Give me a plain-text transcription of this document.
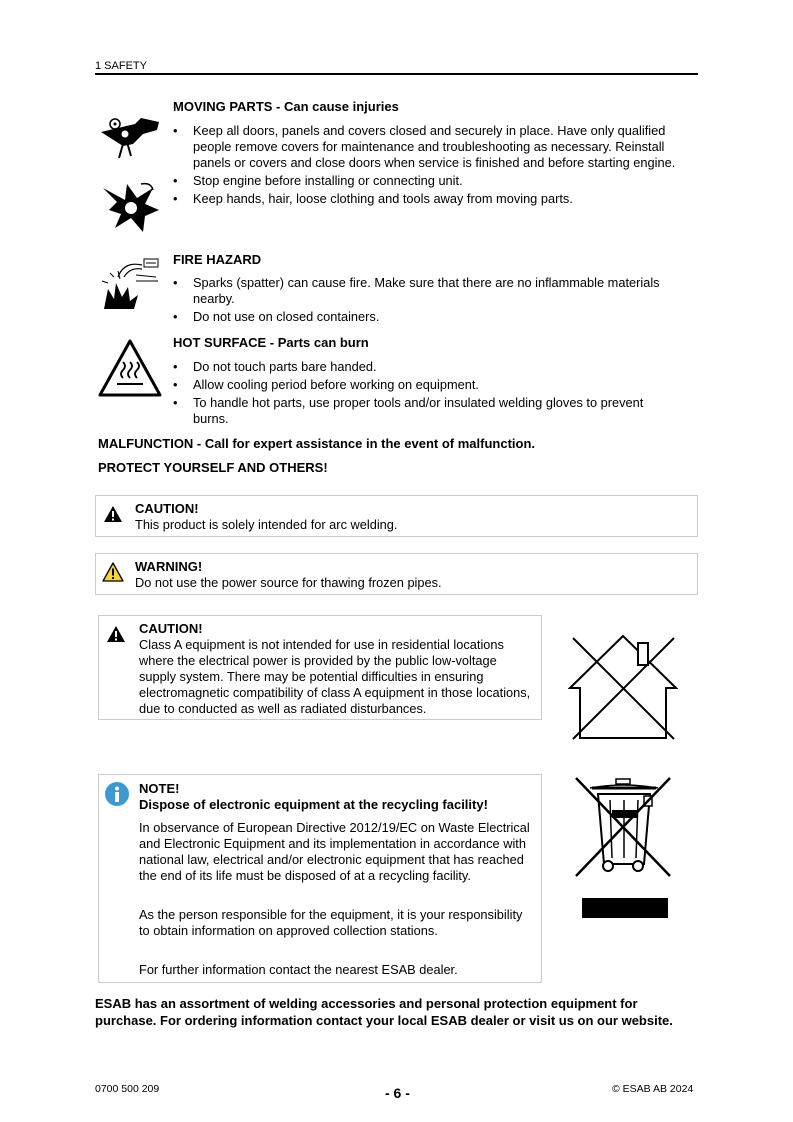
1 SAFETY
MOVING PARTS - Can cause injuries
• Keep all doors, panels and covers closed and securely in place. Have only qualified people remove covers for maintenance and troubleshooting as necessary. Reinstall panels or covers and close doors when service is finished and before starting engine.
• Stop engine before installing or connecting unit.
• Keep hands, hair, loose clothing and tools away from moving parts.
FIRE HAZARD
• Sparks (spatter) can cause fire. Make sure that there are no inflammable materials nearby.
• Do not use on closed containers.
HOT SURFACE - Parts can burn
• Do not touch parts bare handed.
• Allow cooling period before working on equipment.
• To handle hot parts, use proper tools and/or insulated welding gloves to prevent burns.
MALFUNCTION - Call for expert assistance in the event of malfunction.
PROTECT YOURSELF AND OTHERS!
CAUTION!
This product is solely intended for arc welding.
WARNING!
Do not use the power source for thawing frozen pipes.
CAUTION!
Class A equipment is not intended for use in residential locations where the electrical power is provided by the public low-voltage supply system. There may be potential difficulties in ensuring electromagnetic compatibility of class A equipment in those locations, due to conducted as well as radiated disturbances.
NOTE!
Dispose of electronic equipment at the recycling facility!
In observance of European Directive 2012/19/EC on Waste Electrical and Electronic Equipment and its implementation in accordance with national law, electrical and/or electronic equipment that has reached the end of its life must be disposed of at a recycling facility.
As the person responsible for the equipment, it is your responsibility to obtain information on approved collection stations.
For further information contact the nearest ESAB dealer.
ESAB has an assortment of welding accessories and personal protection equipment for purchase. For ordering information contact your local ESAB dealer or visit us on our website.
0700 500 209	- 6 -	© ESAB AB 2024
